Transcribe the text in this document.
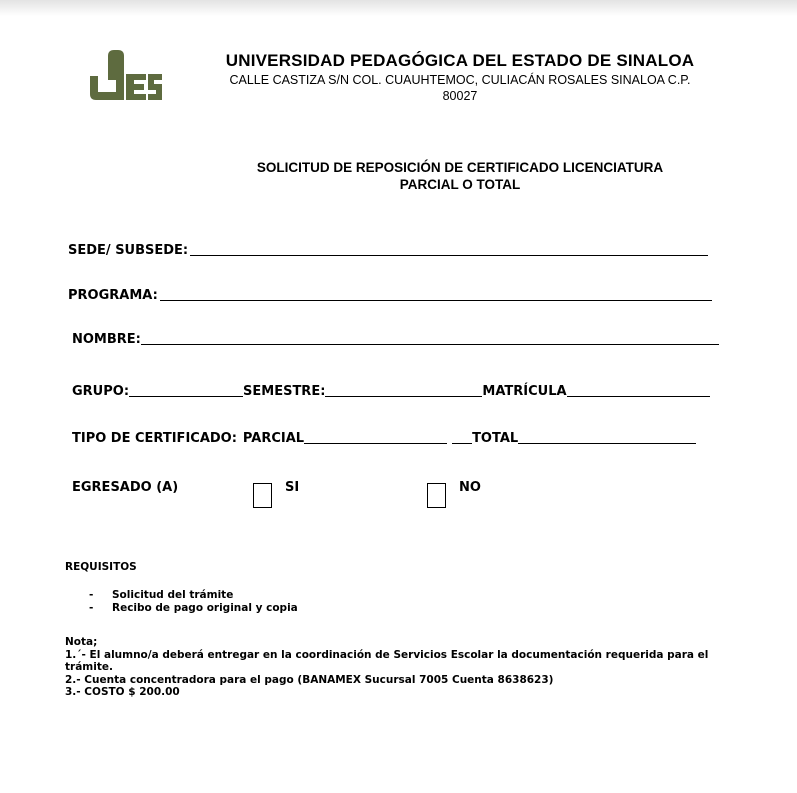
UNIVERSIDAD PEDAGÓGICA DEL ESTADO DE SINALOA
CALLE CASTIZA S/N COL. CUAUHTEMOC, CULIACÁN ROSALES SINALOA C.P.
80027
SOLICITUD DE REPOSICIÓN DE CERTIFICADO LICENCIATURA
PARCIAL O TOTAL
SEDE/ SUBSEDE:
PROGRAMA:
NOMBRE:
GRUPO:	SEMESTRE:	MATRÍCULA
TIPO DE CERTIFICADO: PARCIAL	TOTAL
EGRESADO (A)	SI	NO
REQUISITOS
- Solicitud del trámite
- Recibo de pago original y copia
Nota;
1.´- El alumno/a deberá entregar en la coordinación de Servicios Escolar la documentación requerida para el
trámite.
2.- Cuenta concentradora para el pago (BANAMEX Sucursal 7005 Cuenta 8638623)
3.- COSTO $ 200.00
